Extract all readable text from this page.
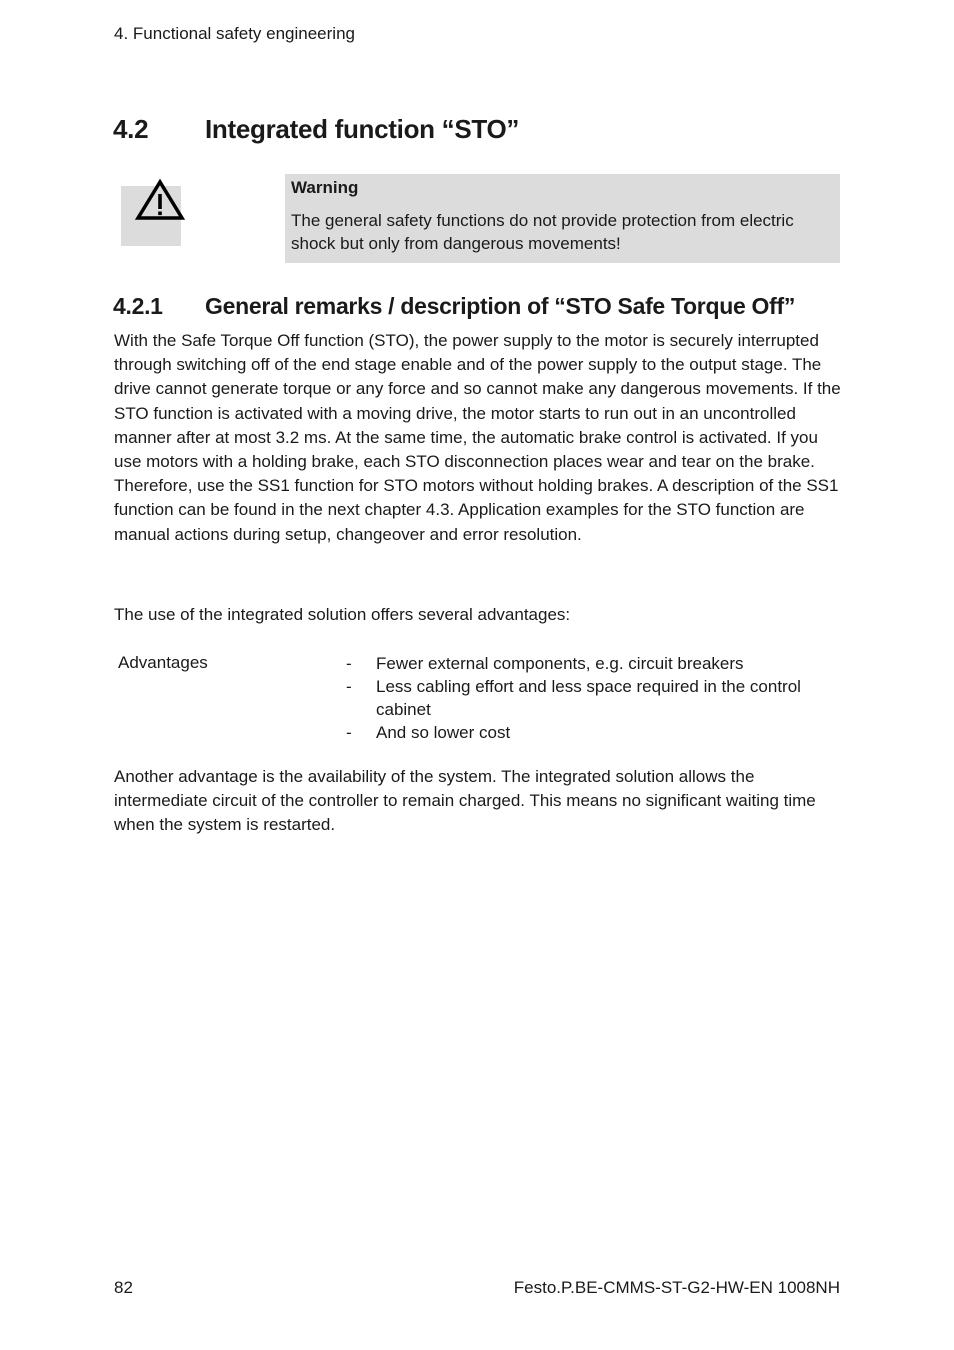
4. Functional safety engineering
4.2 Integrated function “STO”
Warning
The general safety functions do not provide protection from electric shock but only from dangerous movements!
4.2.1 General remarks / description of “STO Safe Torque Off”
With the Safe Torque Off function (STO), the power supply to the motor is securely interrupted through switching off of the end stage enable and of the power supply to the output stage. The drive cannot generate torque or any force and so cannot make any dangerous movements. If the STO function is activated with a moving drive, the motor starts to run out in an uncontrolled manner after at most 3.2 ms. At the same time, the automatic brake control is activated. If you use motors with a holding brake, each STO disconnection places wear and tear on the brake. Therefore, use the SS1 function for STO motors without holding brakes. A description of the SS1 function can be found in the next chapter 4.3. Application examples for the STO function are manual actions during setup, changeover and error resolution.
The use of the integrated solution offers several advantages:
Advantages	- Fewer external components, e.g. circuit breakers
- Less cabling effort and less space required in the control cabinet
- And so lower cost
Another advantage is the availability of the system. The integrated solution allows the intermediate circuit of the controller to remain charged. This means no significant waiting time when the system is restarted.
82	Festo.P.BE-CMMS-ST-G2-HW-EN 1008NH
